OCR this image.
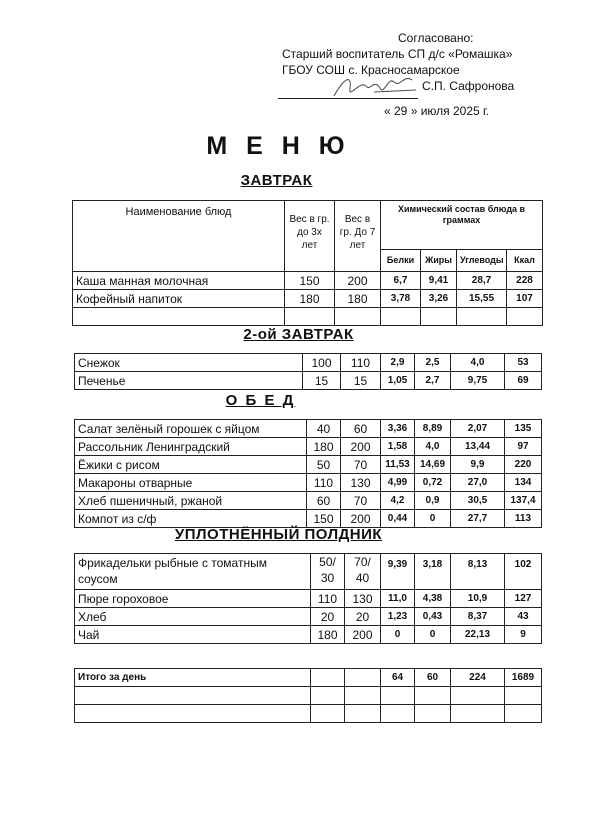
Согласовано:
Старший воспитатель СП д/с «Ромашка»
ГБОУ СОШ с. Красносамарское
С.П. Сафронова
« 29 » июля 2025 г.
М Е Н Ю
ЗАВТРАК
Наименование блюд	Вес в гр. до 3х лет	Вес в гр. До 7 лет	Химический состав блюда в граммах			
			Белки	Жиры	Углеводы	Ккал
Каша манная молочная	150	200	6,7	9,41	28,7	228
Кофейный напиток	180	180	3,78	3,26	15,55	107

2-ой ЗАВТРАК
Снежок	100	110	2,9	2,5	4,0	53
Печенье	15	15	1,05	2,7	9,75	69
О Б Е Д
Салат зелёный горошек с яйцом	40	60	3,36	8,89	2,07	135
Рассольник Ленинградский	180	200	1,58	4,0	13,44	97
Ёжики с рисом	50	70	11,53	14,69	9,9	220
Макароны отварные	110	130	4,99	0,72	27,0	134
Хлеб пшеничный, ржаной	60	70	4,2	0,9	30,5	137,4
Компот из с/ф	150	200	0,44	0	27,7	113
УПЛОТНЁННЫЙ ПОЛДНИК
Фрикадельки рыбные с томатным соусом	50/ 30	70/ 40	9,39	3,18	8,13	102
Пюре гороховое	110	130	11,0	4,38	10,9	127
Хлеб	20	20	1,23	0,43	8,37	43
Чай	180	200	0	0	22,13	9
Итого за день			64	60	224	1689
